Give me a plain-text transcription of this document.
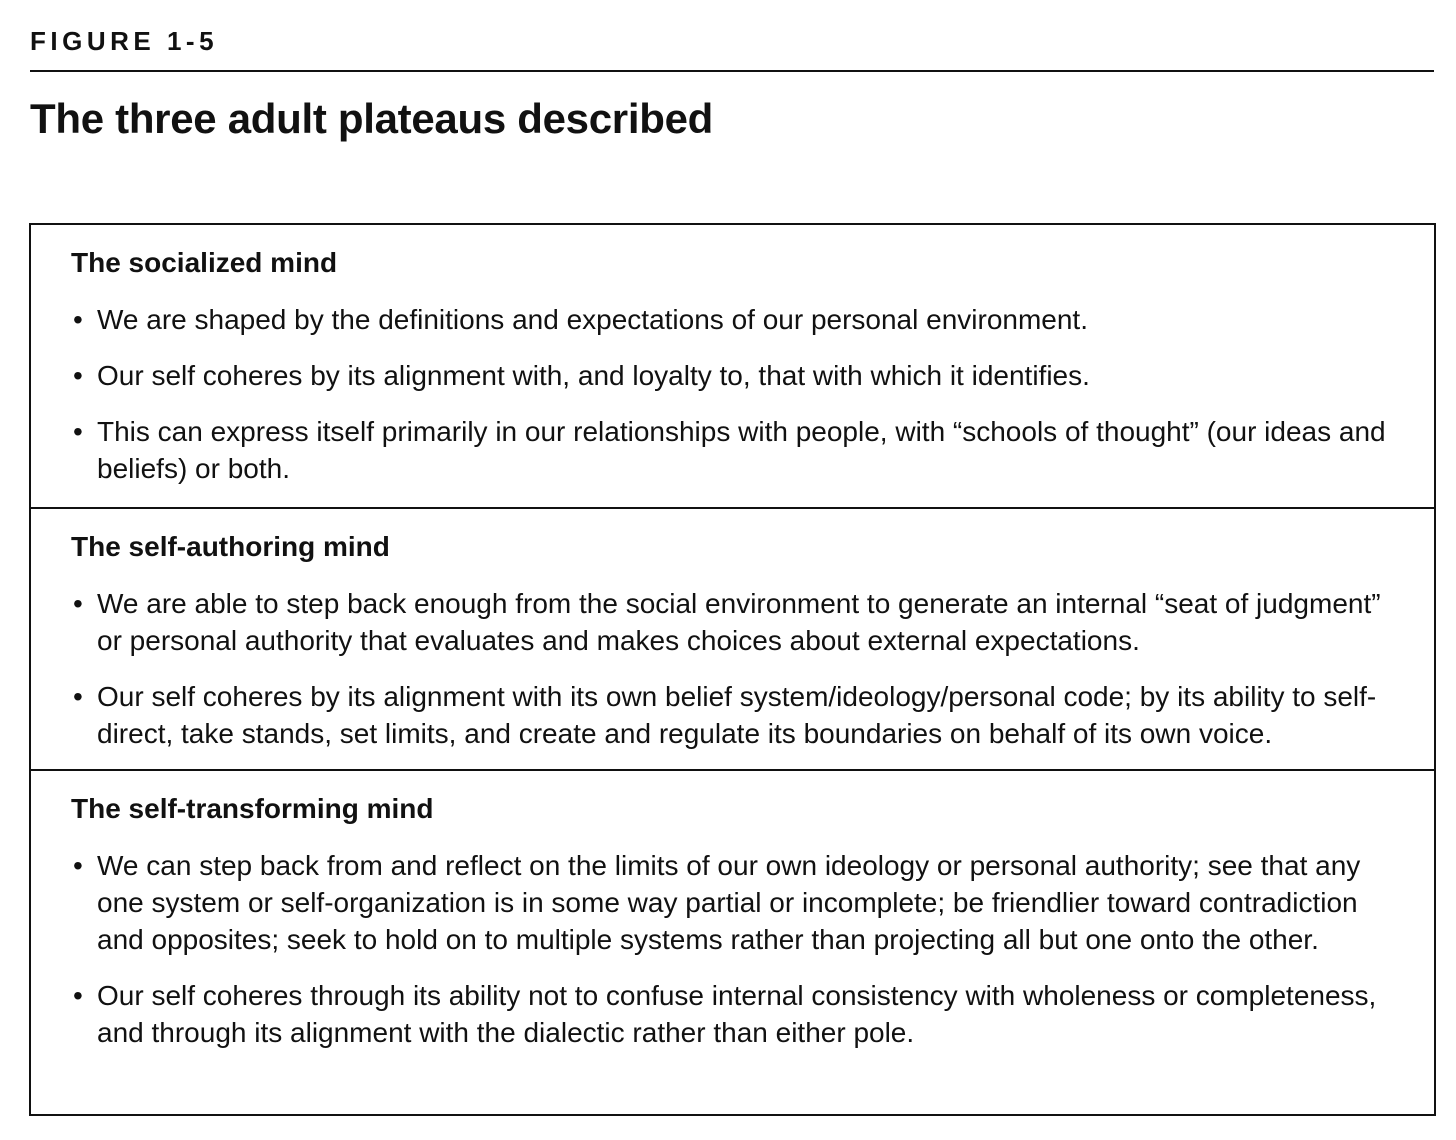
FIGURE 1-5
The three adult plateaus described
The socialized mind
• We are shaped by the definitions and expectations of our personal environment.
• Our self coheres by its alignment with, and loyalty to, that with which it identifies.
• This can express itself primarily in our relationships with people, with “schools of thought” (our ideas and beliefs) or both.
The self-authoring mind
• We are able to step back enough from the social environment to generate an internal “seat of judgment” or personal authority that evaluates and makes choices about external expectations.
• Our self coheres by its alignment with its own belief system/ideology/personal code; by its ability to self-direct, take stands, set limits, and create and regulate its boundaries on behalf of its own voice.
The self-transforming mind
• We can step back from and reflect on the limits of our own ideology or personal authority; see that any one system or self-organization is in some way partial or incomplete; be friendlier toward contradiction and opposites; seek to hold on to multiple systems rather than projecting all but one onto the other.
• Our self coheres through its ability not to confuse internal consistency with wholeness or completeness, and through its alignment with the dialectic rather than either pole.
